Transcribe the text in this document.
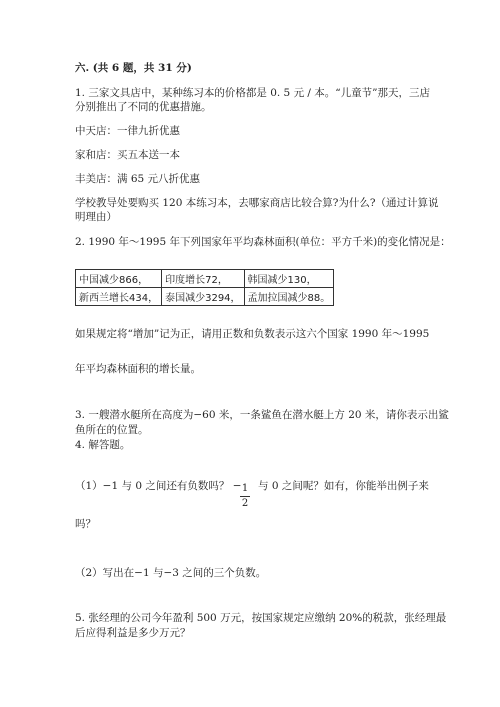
六. (共 6 题，共 31 分)
1. 三家文具店中，某种练习本的价格都是 0. 5 元 / 本。“儿童节”那天，三店
分别推出了不同的优惠措施。
中天店：一律九折优惠
家和店：买五本送一本
丰美店：满 65 元八折优惠
学校教导处要购买 120 本练习本，去哪家商店比较合算?为什么?（通过计算说
明理由）
2. 1990 年～1995 年下列国家年平均森林面积(单位：平方千米)的变化情况是：
中国减少866，	印度增长72，	韩国减少130，
新西兰增长434，	泰国减少3294，	孟加拉国减少88。
如果规定将“增加”记为正，请用正数和负数表示这六个国家 1990 年～1995
年平均森林面积的增长量。
3. 一艘潜水艇所在高度为−60 米，一条鲨鱼在潜水艇上方 20 米，请你表示出鲨
鱼所在的位置。
4. 解答题。
（1）−1 与 0 之间还有负数吗？ − 1
2
与 0 之间呢？如有，你能举出例子来
吗？
（2）写出在−1 与−3 之间的三个负数。
5. 张经理的公司今年盈利 500 万元，按国家规定应缴纳 20%的税款，张经理最
后应得利益是多少万元？
